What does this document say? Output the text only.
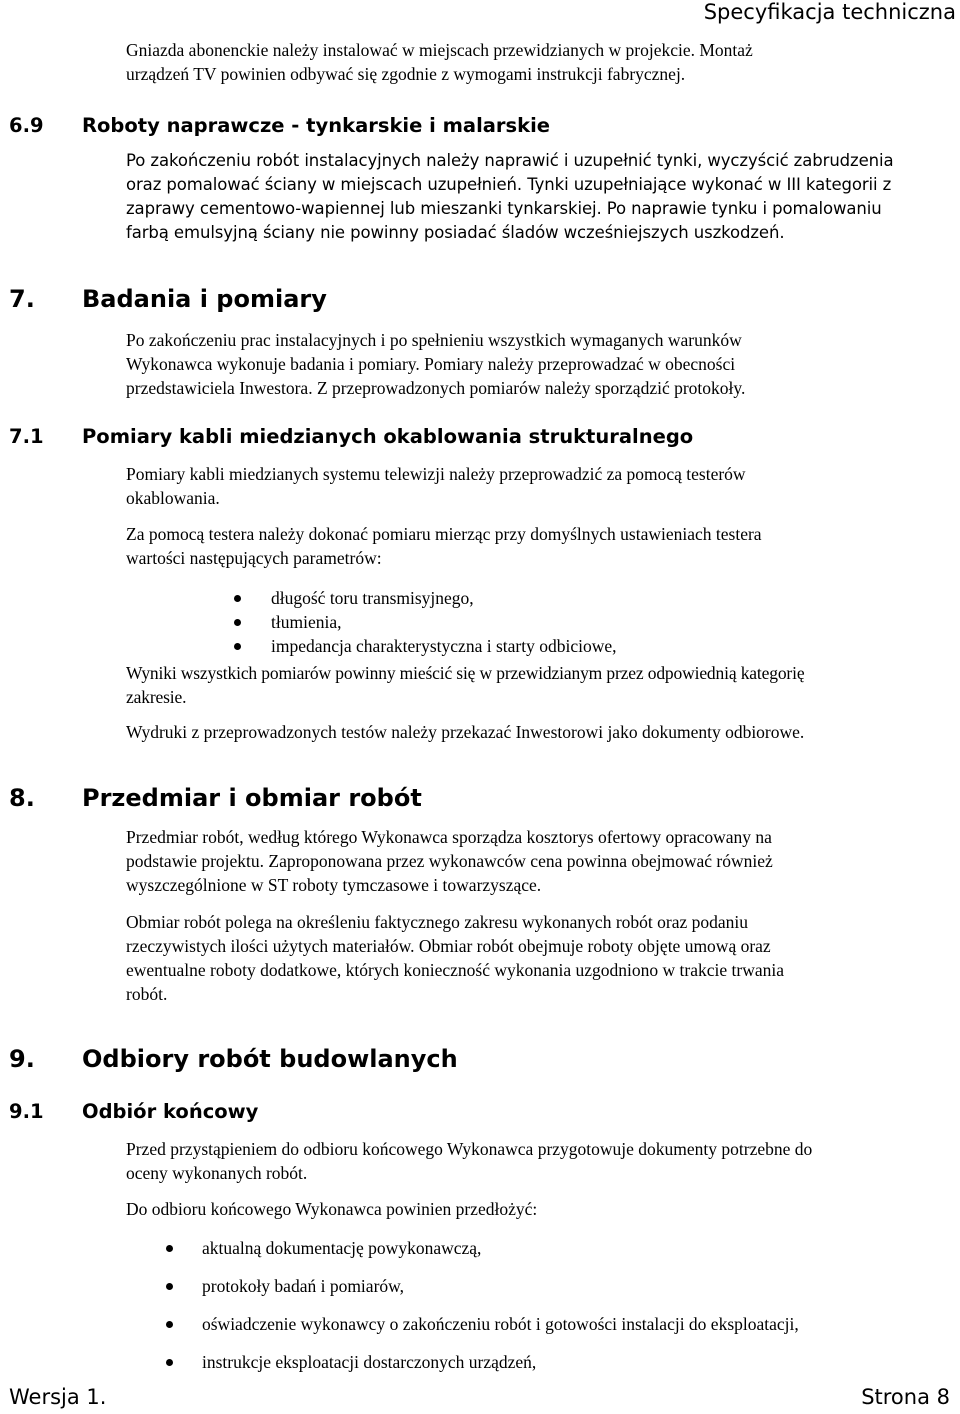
Specyfikacja techniczna
Gniazda abonenckie należy instalować w miejscach przewidzianych w projekcie. Montaż
urządzeń TV powinien odbywać się zgodnie z wymogami instrukcji fabrycznej.
6.9 Roboty naprawcze - tynkarskie i malarskie
Po zakończeniu robót instalacyjnych należy naprawić i uzupełnić tynki, wyczyścić zabrudzenia
oraz pomalować ściany w miejscach uzupełnień. Tynki uzupełniające wykonać w III kategorii z
zaprawy cementowo-wapiennej lub mieszanki tynkarskiej. Po naprawie tynku i pomalowaniu
farbą emulsyjną ściany nie powinny posiadać śladów wcześniejszych uszkodzeń.
7. Badania i pomiary
Po zakończeniu prac instalacyjnych i po spełnieniu wszystkich wymaganych warunków
Wykonawca wykonuje badania i pomiary. Pomiary należy przeprowadzać w obecności
przedstawiciela Inwestora. Z przeprowadzonych pomiarów należy sporządzić protokoły.
7.1 Pomiary kabli miedzianych okablowania strukturalnego
Pomiary kabli miedzianych systemu telewizji należy przeprowadzić za pomocą testerów
okablowania.
Za pomocą testera należy dokonać pomiaru mierząc przy domyślnych ustawieniach testera
wartości następujących parametrów:
długość toru transmisyjnego,
tłumienia,
impedancja charakterystyczna i starty odbiciowe,
Wyniki wszystkich pomiarów powinny mieścić się w przewidzianym przez odpowiednią kategorię
zakresie.
Wydruki z przeprowadzonych testów należy przekazać Inwestorowi jako dokumenty odbiorowe.
8. Przedmiar i obmiar robót
Przedmiar robót, według którego Wykonawca sporządza kosztorys ofertowy opracowany na
podstawie projektu. Zaproponowana przez wykonawców cena powinna obejmować również
wyszczególnione w ST roboty tymczasowe i towarzyszące.
Obmiar robót polega na określeniu faktycznego zakresu wykonanych robót oraz podaniu
rzeczywistych ilości użytych materiałów. Obmiar robót obejmuje roboty objęte umową oraz
ewentualne roboty dodatkowe, których konieczność wykonania uzgodniono w trakcie trwania
robót.
9. Odbiory robót budowlanych
9.1 Odbiór końcowy
Przed przystąpieniem do odbioru końcowego Wykonawca przygotowuje dokumenty potrzebne do
oceny wykonanych robót.
Do odbioru końcowego Wykonawca powinien przedłożyć:
aktualną dokumentację powykonawczą,
protokoły badań i pomiarów,
oświadczenie wykonawcy o zakończeniu robót i gotowości instalacji do eksploatacji,
instrukcje eksploatacji dostarczonych urządzeń,
Wersja 1.	Strona 8
